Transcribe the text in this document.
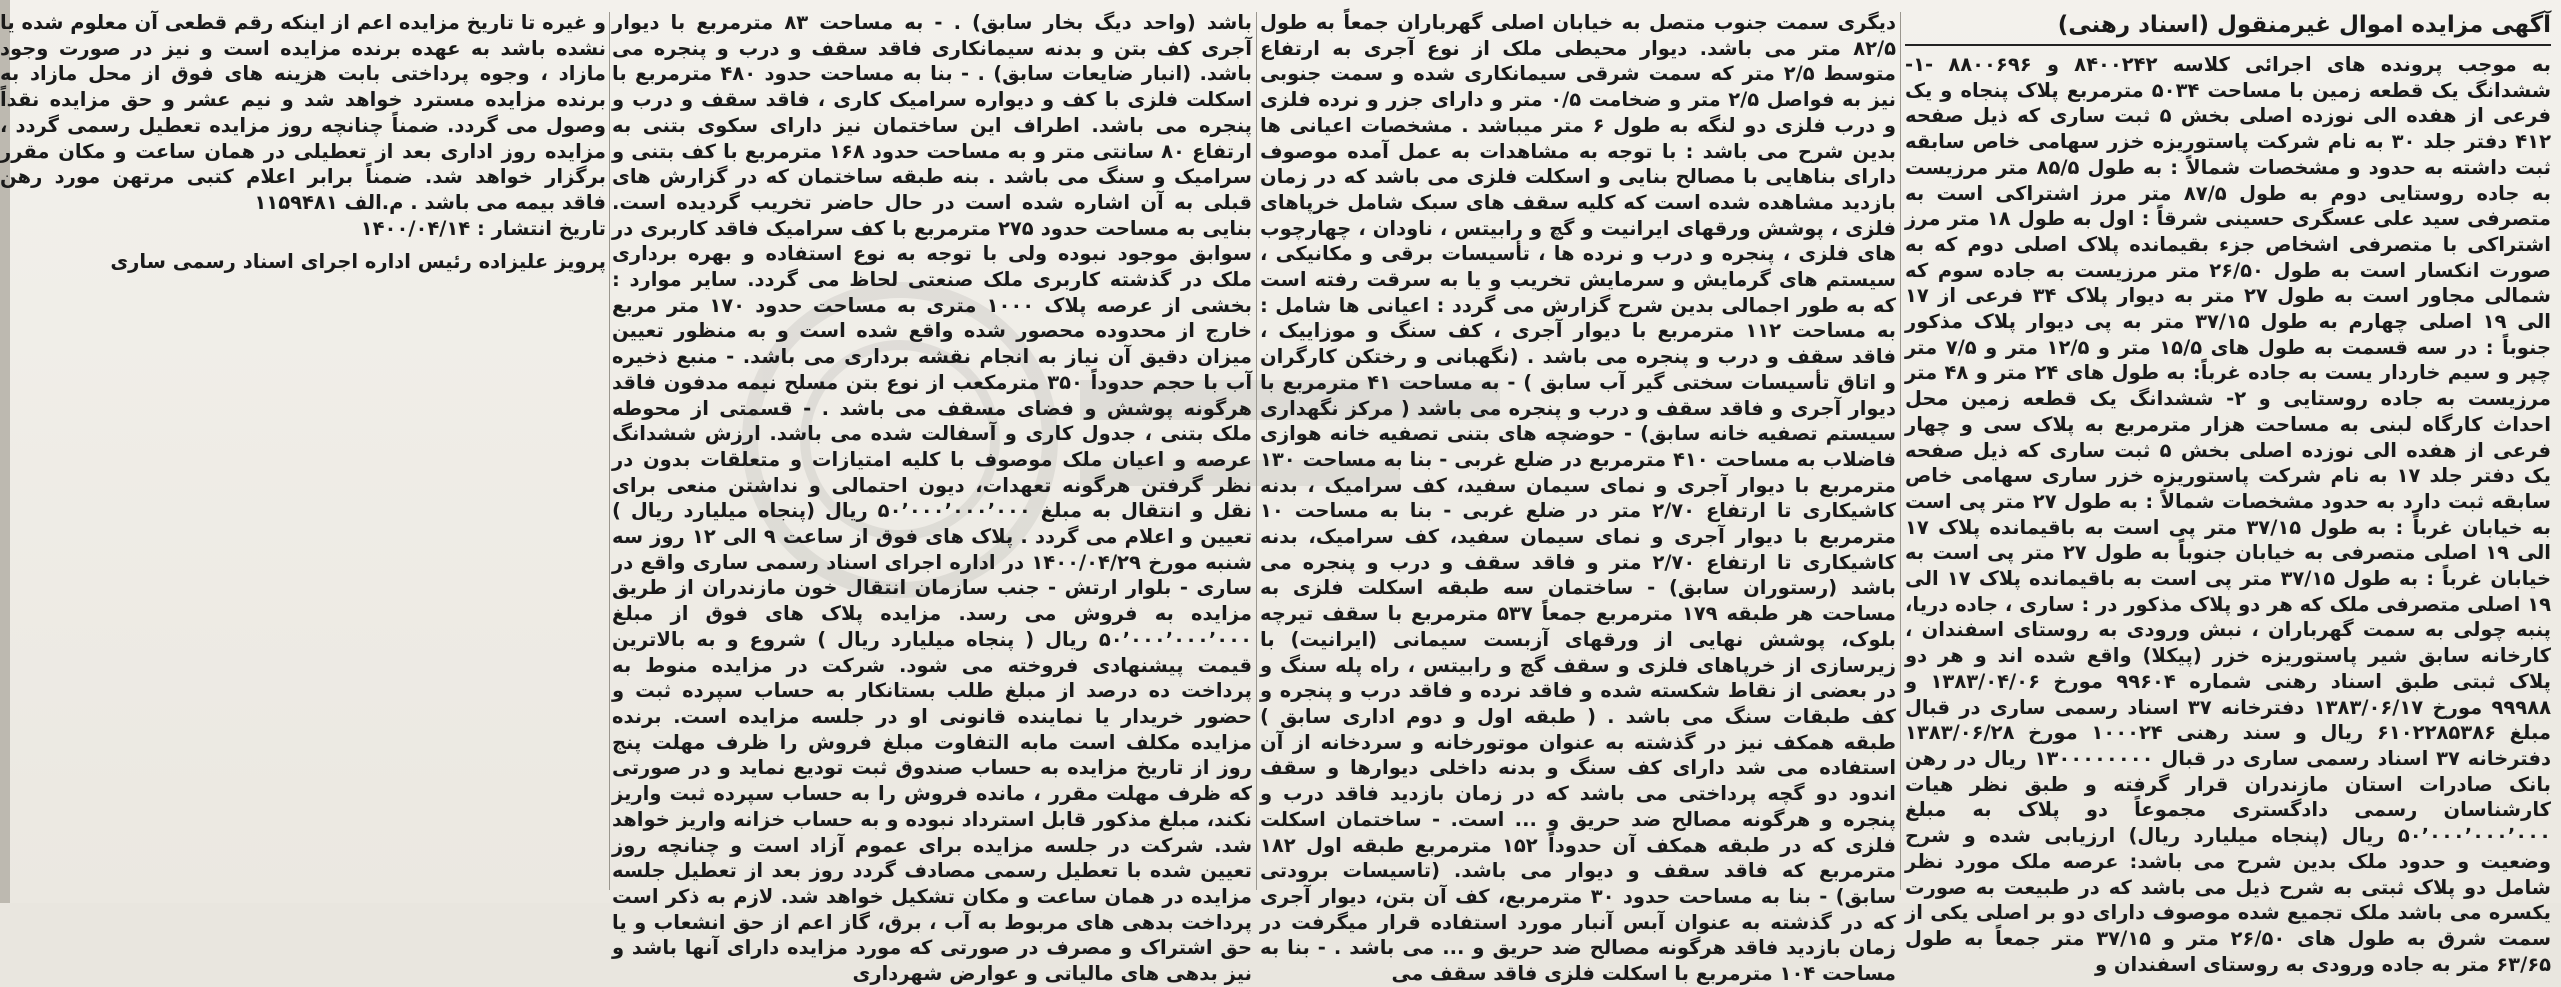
آگهی مزایده اموال غیرمنقول (اسناد رهنی)

به موجب پرونده های اجرائی کلاسه ۸۴۰۰۲۴۲ و ۸۸۰۰۶۹۶ -۱- ششدانگ یک قطعه زمین با مساحت ۵۰۳۴ مترمربع پلاک پنجاه و یک فرعی از هفده الی نوزده اصلی بخش ۵ ثبت ساری که ذیل صفحه ۴۱۲ دفتر جلد ۳۰ به نام شرکت پاستوریزه خزر سهامی خاص سابقه ثبت داشته به حدود و مشخصات شمالاً : به طول ۸۵/۵ متر مرزیست به جاده روستایی دوم به طول ۸۷/۵ متر مرز اشتراکی است به متصرفی سید علی عسگری حسینی شرقاً : اول به طول ۱۸ متر مرز اشتراکی با متصرفی اشخاص جزء بقیمانده پلاک اصلی دوم که به صورت انکسار است به طول ۲۶/۵۰ متر مرزیست به جاده سوم که شمالی مجاور است به طول ۲۷ متر به دیوار پلاک ۳۴ فرعی از ۱۷ الی ۱۹ اصلی چهارم به طول ۳۷/۱۵ متر به پی دیوار پلاک مذکور جنوباً : در سه قسمت به طول های ۱۵/۵ متر و ۱۲/۵ متر و ۷/۵ متر چپر و سیم خاردار یست به جاده غرباً: به طول های ۲۴ متر و ۴۸ متر مرزیست به جاده روستایی و ۲- ششدانگ یک قطعه زمین محل احداث کارگاه لبنی به مساحت هزار مترمربع به پلاک سی و چهار فرعی از هفده الی نوزده اصلی بخش ۵ ثبت ساری که ذیل صفحه یک دفتر جلد ۱۷ به نام شرکت پاستوریزه خزر ساری سهامی خاص سابقه ثبت دارد به حدود مشخصات شمالاً : به طول ۲۷ متر پی است به خیابان غرباً : به طول ۳۷/۱۵ متر پی است به باقیمانده پلاک ۱۷ الی ۱۹ اصلی متصرفی به خیابان جنوباً به طول ۲۷ متر پی است به خیابان غرباً : به طول ۳۷/۱۵ متر پی است به باقیمانده پلاک ۱۷ الی ۱۹ اصلی متصرفی ملک که هر دو پلاک مذکور در : ساری ، جاده دریا، پنبه چولی به سمت گهرباران ، نبش ورودی به روستای اسفندان ، کارخانه سابق شیر پاستوریزه خزر (پیکلا) واقع شده اند و هر دو پلاک ثبتی طبق اسناد رهنی شماره ۹۹۶۰۴ مورخ ۱۳۸۳/۰۴/۰۶ و ۹۹۹۸۸ مورخ ۱۳۸۳/۰۶/۱۷ دفترخانه ۳۷ اسناد رسمی ساری در قبال مبلغ ۶۱۰۲۲۸۵۳۸۶ ریال و سند رهنی ۱۰۰۰۲۴ مورخ ۱۳۸۳/۰۶/۲۸ دفترخانه ۳۷ اسناد رسمی ساری در قبال ۱۳۰۰۰۰۰۰۰۰ ریال در رهن بانک صادرات استان مازندران قرار گرفته و طبق نظر هیات کارشناسان رسمی دادگستری مجموعاً دو پلاک به مبلغ ۵۰٬۰۰۰٬۰۰۰٬۰۰۰ ریال (پنجاه میلیارد ریال) ارزیابی شده و شرح وضعیت و حدود ملک بدین شرح می باشد: عرصه ملک مورد نظر شامل دو پلاک ثبتی به شرح ذیل می باشد که در طبیعت به صورت یکسره می باشد ملک تجمیع شده موصوف دارای دو بر اصلی یکی از سمت شرق به طول های ۲۶/۵۰ متر و ۳۷/۱۵ متر جمعاً به طول ۶۳/۶۵ متر به جاده ورودی به روستای اسفندان و

دیگری سمت جنوب متصل به خیابان اصلی گهرباران جمعاً به طول ۸۲/۵ متر می باشد. دیوار محیطی ملک از نوع آجری به ارتفاع متوسط ۲/۵ متر که سمت شرقی سیمانکاری شده و سمت جنوبی نیز به فواصل ۲/۵ متر و ضخامت ۰/۵ متر و دارای جزر و نرده فلزی و درب فلزی دو لنگه به طول ۶ متر میباشد . مشخصات اعیانی ها بدین شرح می باشد : با توجه به مشاهدات به عمل آمده موصوف دارای بناهایی با مصالح بنایی و اسکلت فلزی می باشد که در زمان بازدید مشاهده شده است که کلیه سقف های سبک شامل خرپاهای فلزی ، پوشش ورقهای ایرانیت و گچ و رابیتس ، ناودان ، چهارچوب های فلزی ، پنجره و درب و نرده ها ، تأسیسات برقی و مکانیکی ، سیستم های گرمایش و سرمایش تخریب و یا به سرقت رفته است که به طور اجمالی بدین شرح گزارش می گردد : اعیانی ها شامل : به مساحت ۱۱۲ مترمربع با دیوار آجری ، کف سنگ و موزاییک ، فاقد سقف و درب و پنجره می باشد . (نگهبانی و رختکن کارگران و اتاق تأسیسات سختی گیر آب سابق ) - به مساحت ۴۱ مترمربع با دیوار آجری و فاقد سقف و درب و پنجره می باشد ( مرکز نگهداری سیستم تصفیه خانه سابق) - حوضچه های بتنی تصفیه خانه هوازی فاضلاب به مساحت ۴۱۰ مترمربع در ضلع غربی - بنا به مساحت ۱۳۰ مترمربع با دیوار آجری و نمای سیمان سفید، کف سرامیک ، بدنه کاشیکاری تا ارتفاع ۲/۷۰ متر در ضلع غربی - بنا به مساحت ۱۰ مترمربع با دیوار آجری و نمای سیمان سفید، کف سرامیک، بدنه کاشیکاری تا ارتفاع ۲/۷۰ متر و فاقد سقف و درب و پنجره می باشد (رستوران سابق) - ساختمان سه طبقه اسکلت فلزی به مساحت هر طبقه ۱۷۹ مترمربع جمعاً ۵۳۷ مترمربع با سقف تیرچه بلوک، پوشش نهایی از ورقهای آزبست سیمانی (ایرانیت) با زیرسازی از خرپاهای فلزی و سقف گچ و رابیتس ، راه پله سنگ و در بعضی از نقاط شکسته شده و فاقد نرده و فاقد درب و پنجره و کف طبقات سنگ می باشد . ( طبقه اول و دوم اداری سابق ) طبقه همکف نیز در گذشته به عنوان موتورخانه و سردخانه از آن استفاده می شد دارای کف سنگ و بدنه داخلی دیوارها و سقف اندود دو گچه پرداختی می باشد که در زمان بازدید فاقد درب و پنجره و هرگونه مصالح ضد حریق و ... است. - ساختمان اسکلت فلزی که در طبقه همکف آن حدوداً ۱۵۲ مترمربع طبقه اول ۱۸۲ مترمربع که فاقد سقف و دیوار می باشد. (تاسیسات برودتی سابق) - بنا به مساحت حدود ۳۰ مترمربع، کف آن بتن، دیوار آجری که در گذشته به عنوان آبس آنبار مورد استفاده قرار میگرفت در زمان بازدید فاقد هرگونه مصالح ضد حریق و ... می باشد . - بنا به مساحت ۱۰۴ مترمربع با اسکلت فلزی فاقد سقف می

باشد (واحد دیگ بخار سابق) . - به مساحت ۸۳ مترمربع با دیوار آجری کف بتن و بدنه سیمانکاری فاقد سقف و درب و پنجره می باشد. (انبار ضایعات سابق) . - بنا به مساحت حدود ۴۸۰ مترمربع با اسکلت فلزی با کف و دیواره سرامیک کاری ، فاقد سقف و درب و پنجره می باشد. اطراف این ساختمان نیز دارای سکوی بتنی به ارتفاع ۸۰ سانتی متر و به مساحت حدود ۱۶۸ مترمربع با کف بتنی و سرامیک و سنگ می باشد . بنه طبقه ساختمان که در گزارش های قبلی به آن اشاره شده است در حال حاضر تخریب گردیده است. بنایی به مساحت حدود ۲۷۵ مترمربع با کف سرامیک فاقد کاربری در سوابق موجود نبوده ولی با توجه به نوع استفاده و بهره برداری ملک در گذشته کاربری ملک صنعتی لحاظ می گردد. سایر موارد : بخشی از عرصه پلاک ۱۰۰۰ متری به مساحت حدود ۱۷۰ متر مربع خارج از محدوده محصور شده واقع شده است و به منظور تعیین میزان دقیق آن نیاز به انجام نقشه برداری می باشد. - منبع ذخیره آب با حجم حدوداً ۳۵۰ مترمکعب از نوع بتن مسلح نیمه مدفون فاقد هرگونه پوشش و فضای مسقف می باشد . - قسمتی از محوطه ملک بتنی ، جدول کاری و آسفالت شده می باشد. ارزش ششدانگ عرصه و اعیان ملک موصوف با کلیه امتیازات و متعلقات بدون در نظر گرفتن هرگونه تعهدات، دیون احتمالی و نداشتن منعی برای نقل و انتقال به مبلغ ۵۰٬۰۰۰٬۰۰۰٬۰۰۰ ریال (پنجاه میلیارد ریال ) تعیین و اعلام می گردد . پلاک های فوق از ساعت ۹ الی ۱۲ روز سه شنبه مورخ ۱۴۰۰/۰۴/۲۹ در اداره اجرای اسناد رسمی ساری واقع در ساری - بلوار ارتش - جنب سازمان انتقال خون مازندران از طریق مزایده به فروش می رسد. مزایده پلاک های فوق از مبلغ ۵۰٬۰۰۰٬۰۰۰٬۰۰۰ ریال ( پنجاه میلیارد ریال ) شروع و به بالاترین قیمت پیشنهادی فروخته می شود. شرکت در مزایده منوط به پرداخت ده درصد از مبلغ طلب بستانکار به حساب سپرده ثبت و حضور خریدار یا نماینده قانونی او در جلسه مزایده است. برنده مزایده مکلف است مابه التفاوت مبلغ فروش را ظرف مهلت پنج روز از تاریخ مزایده به حساب صندوق ثبت تودیع نماید و در صورتی که ظرف مهلت مقرر ، مانده فروش را به حساب سپرده ثبت واریز نکند، مبلغ مذکور قابل استرداد نبوده و به حساب خزانه واریز خواهد شد. شرکت در جلسه مزایده برای عموم آزاد است و چنانچه روز تعیین شده با تعطیل رسمی مصادف گردد روز بعد از تعطیل جلسه مزایده در همان ساعت و مکان تشکیل خواهد شد. لازم به ذکر است پرداخت بدهی های مربوط به آب ، برق، گاز اعم از حق انشعاب و یا حق اشتراک و مصرف در صورتی که مورد مزایده دارای آنها باشد و نیز بدهی های مالیاتی و عوارض شهرداری

و غیره تا تاریخ مزایده اعم از اینکه رقم قطعی آن معلوم شده یا نشده باشد به عهده برنده مزایده است و نیز در صورت وجود مازاد ، وجوه پرداختی بابت هزینه های فوق از محل مازاد به برنده مزایده مسترد خواهد شد و نیم عشر و حق مزایده نقداً وصول می گردد. ضمناً چنانچه روز مزایده تعطیل رسمی گردد ، مزایده روز اداری بعد از تعطیلی در همان ساعت و مکان مقرر برگزار خواهد شد. ضمناً برابر اعلام کتبی مرتهن مورد رهن فاقد بیمه می باشد . م.الف ۱۱۵۹۴۸۱

تاریخ انتشار : ۱۴۰۰/۰۴/۱۴

پرویز علیزاده رئیس اداره اجرای اسناد رسمی ساری
